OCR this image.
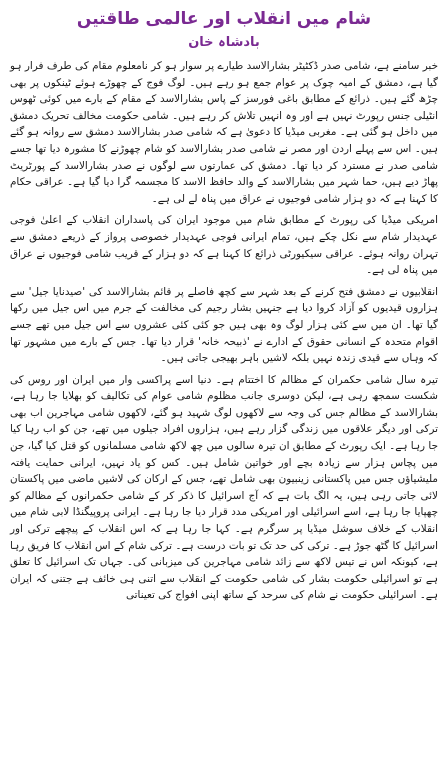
شام میں انقلاب اور عالمی طاقتیں
بادشاہ خان

خبر سامنے ہے، شامی صدر ڈکٹیٹر بشارالاسد طیارے پر سوار ہو کر نامعلوم مقام کی طرف فرار ہو گیا ہے، دمشق کے امیہ چوک پر عوام جمع ہو رہے ہیں۔ لوگ فوج کے چھوڑے ہوئے ٹینکوں پر بھی چڑھ گئے ہیں۔ ذرائع کے مطابق باغی فورسز کے پاس بشارالاسد کے مقام کے بارے میں کوئی ٹھوس انٹیلی جنس رپورٹ نہیں ہے اور وہ انہیں تلاش کر رہے ہیں۔ شامی حکومت مخالف تحریک دمشق میں داخل ہو گئی ہے۔ مغربی میڈیا کا دعویٰ ہے کہ شامی صدر بشارالاسد دمشق سے روانہ ہو گئے ہیں۔ اس سے پہلے اردن اور مصر نے شامی صدر بشارالاسد کو شام چھوڑنے کا مشورہ دیا تھا جسے شامی صدر نے مسترد کر دیا تھا۔ دمشق کی عمارتوں سے لوگوں نے صدر بشارالاسد کے پورٹریٹ پھاڑ دیے ہیں، حما شہر میں بشارالاسد کے والد حافظ الاسد کا مجسمہ گرا دیا گیا ہے۔ عراقی حکام کا کہنا ہے کہ دو ہزار شامی فوجیوں نے عراق میں پناہ لے لی ہے۔

امریکی میڈیا کی رپورٹ کے مطابق شام میں موجود ایران کی پاسداران انقلاب کے اعلیٰ فوجی عہدیدار شام سے نکل چکے ہیں، تمام ایرانی فوجی عہدیدار خصوصی پرواز کے ذریعے دمشق سے تہران روانہ ہوئے۔ عراقی سیکیورٹی ذرائع کا کہنا ہے کہ دو ہزار کے قریب شامی فوجیوں نے عراق میں پناہ لی ہے۔

انقلابیوں نے دمشق فتح کرنے کے بعد شہر سے کچھ فاصلے پر قائم بشارالاسد کی 'صیدنایا جیل' سے ہزاروں قیدیوں کو آزاد کروا دیا ہے جنہیں بشار رجیم کی مخالفت کے جرم میں اس جیل میں رکھا گیا تھا۔ ان میں سے کئی ہزار لوگ وہ بھی ہیں جو کئی کئی عشروں سے اس جیل میں تھے جسے اقوام متحدہ کے انسانی حقوق کے ادارے نے 'ذبیحہ خانہ' قرار دیا تھا۔ جس کے بارے میں مشہور تھا کہ وہاں سے قیدی زندہ نہیں بلکہ لاشیں باہر بھیجی جاتی ہیں۔

تیرہ سال شامی حکمران کے مظالم کا اختتام ہے۔ دنیا اسے پراکسی وار میں ایران اور روس کی شکست سمجھ رہی ہے، لیکن دوسری جانب مظلوم شامی عوام کی تکالیف کو بھلایا جا رہا ہے، بشارالاسد کے مظالم جس کی وجہ سے لاکھوں لوگ شہید ہو گئے، لاکھوں شامی مہاجرین اب بھی ترکی اور دیگر علاقوں میں زندگی گزار رہے ہیں، ہزاروں افراد جیلوں میں تھے، جن کو اب رہا کیا جا رہا ہے۔ ایک رپورٹ کے مطابق ان تیرہ سالوں میں چھ لاکھ شامی مسلمانوں کو قتل کیا گیا، جن میں پچاس ہزار سے زیادہ بچے اور خواتین شامل ہیں۔ کس کو یاد نہیں، ایرانی حمایت یافتہ ملیشیاؤں جس میں پاکستانی زینبیون بھی شامل تھے، جس کے ارکان کی لاشیں ماضی میں پاکستان لائی جاتی رہی ہیں، یہ الگ بات ہے کہ آج اسرائیل کا ذکر کر کے شامی حکمرانوں کے مظالم کو چھپایا جا رہا ہے، اسے اسرائیلی اور امریکی مدد قرار دیا جا رہا ہے۔ ایرانی پروپیگنڈا لابی شام میں انقلاب کے خلاف سوشل میڈیا پر سرگرم ہے۔ کہا جا رہا ہے کہ اس انقلاب کے پیچھے ترکی اور اسرائیل کا گٹھ جوڑ ہے۔ ترکی کی حد تک تو بات درست ہے۔ ترکی شام کے اس انقلاب کا فریق رہا ہے، کیونکہ اس نے تیس لاکھ سے زائد شامی مہاجرین کی میزبانی کی۔ جہاں تک اسرائیل کا تعلق ہے تو اسرائیلی حکومت بشار کی شامی حکومت کے انقلاب سے اتنی ہی خائف ہے جتنی کہ ایران ہے۔ اسرائیلی حکومت نے شام کی سرحد کے ساتھ اپنی افواج کی تعیناتی
